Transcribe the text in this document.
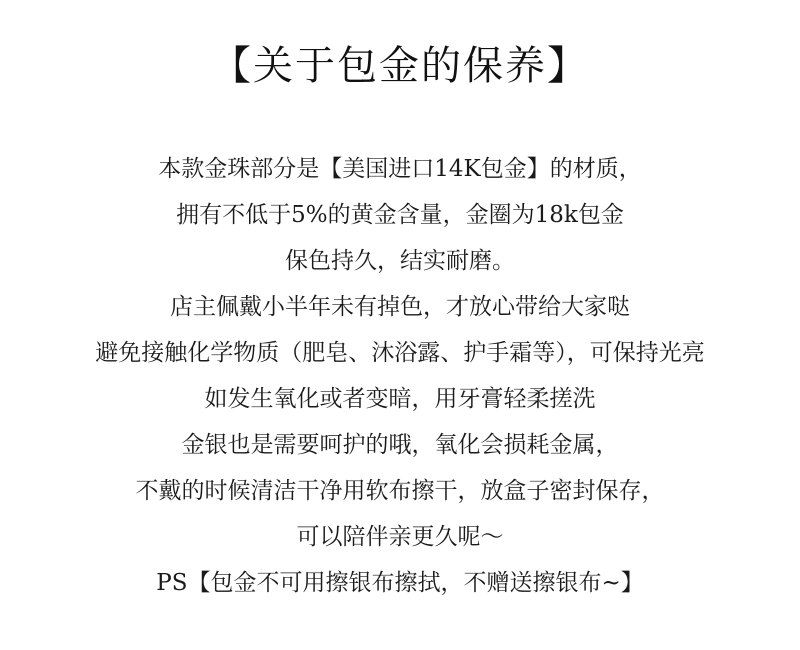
【关于包金的保养】
本款金珠部分是【美国进口14K包金】的材质，
拥有不低于5%的黄金含量，金圈为18k包金
保色持久，结实耐磨。
店主佩戴小半年未有掉色，才放心带给大家哒
避免接触化学物质（肥皂、沐浴露、护手霜等），可保持光亮
如发生氧化或者变暗，用牙膏轻柔搓洗
金银也是需要呵护的哦，氧化会损耗金属，
不戴的时候清洁干净用软布擦干，放盒子密封保存，
可以陪伴亲更久呢～
PS【包金不可用擦银布擦拭，不赠送擦银布~】
